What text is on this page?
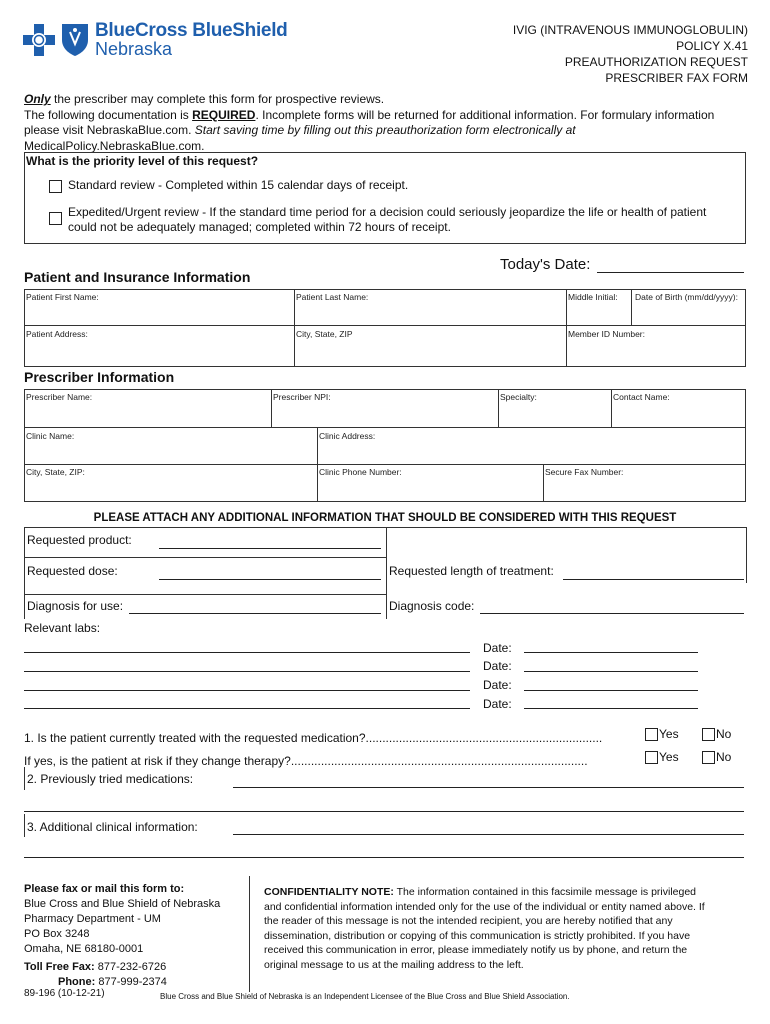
BlueCross BlueShield
Nebraska
IVIG (INTRAVENOUS IMMUNOGLOBULIN)
POLICY X.41
PREAUTHORIZATION REQUEST
PRESCRIBER FAX FORM
Only the prescriber may complete this form for prospective reviews.
The following documentation is REQUIRED. Incomplete forms will be returned for additional information. For formulary information
please visit NebraskaBlue.com. Start saving time by filling out this preauthorization form electronically at
MedicalPolicy.NebraskaBlue.com.
What is the priority level of this request?
Standard review - Completed within 15 calendar days of receipt.
Expedited/Urgent review - If the standard time period for a decision could seriously jeopardize the life or health of patient
could not be adequately managed; completed within 72 hours of receipt.
Today's Date:
Patient and Insurance Information
Patient First Name:	Patient Last Name:	Middle Initial: Date of Birth (mm/dd/yyyy):
Patient Address:	City, State, ZIP	Member ID Number:
Prescriber Information
Prescriber Name:	Prescriber NPI:	Specialty:	Contact Name:
Clinic Name:	Clinic Address:
City, State, ZIP:	Clinic Phone Number:	Secure Fax Number:
PLEASE ATTACH ANY ADDITIONAL INFORMATION THAT SHOULD BE CONSIDERED WITH THIS REQUEST
Requested product:
Requested dose:	Requested length of treatment:
Diagnosis for use:	Diagnosis code:
Relevant labs:
Date:
Date:
Date:
Date:
1. Is the patient currently treated with the requested medication?.......................................................................	Yes	No
If yes, is the patient at risk if they change therapy?.........................................................................................	Yes	No
2. Previously tried medications:
3. Additional clinical information:
Please fax or mail this form to:
Blue Cross and Blue Shield of Nebraska
Pharmacy Department - UM
PO Box 3248
Omaha, NE 68180-0001
Toll Free Fax: 877-232-6726
Phone: 877-999-2374
CONFIDENTIALITY NOTE: The information contained in this facsimile message is privileged
and confidential information intended only for the use of the individual or entity named above. If
the reader of this message is not the intended recipient, you are hereby notified that any
dissemination, distribution or copying of this communication is strictly prohibited. If you have
received this communication in error, please immediately notify us by phone, and return the
original message to us at the mailing address to the left.
89-196 (10-12-21)	Blue Cross and Blue Shield of Nebraska is an Independent Licensee of the Blue Cross and Blue Shield Association.
